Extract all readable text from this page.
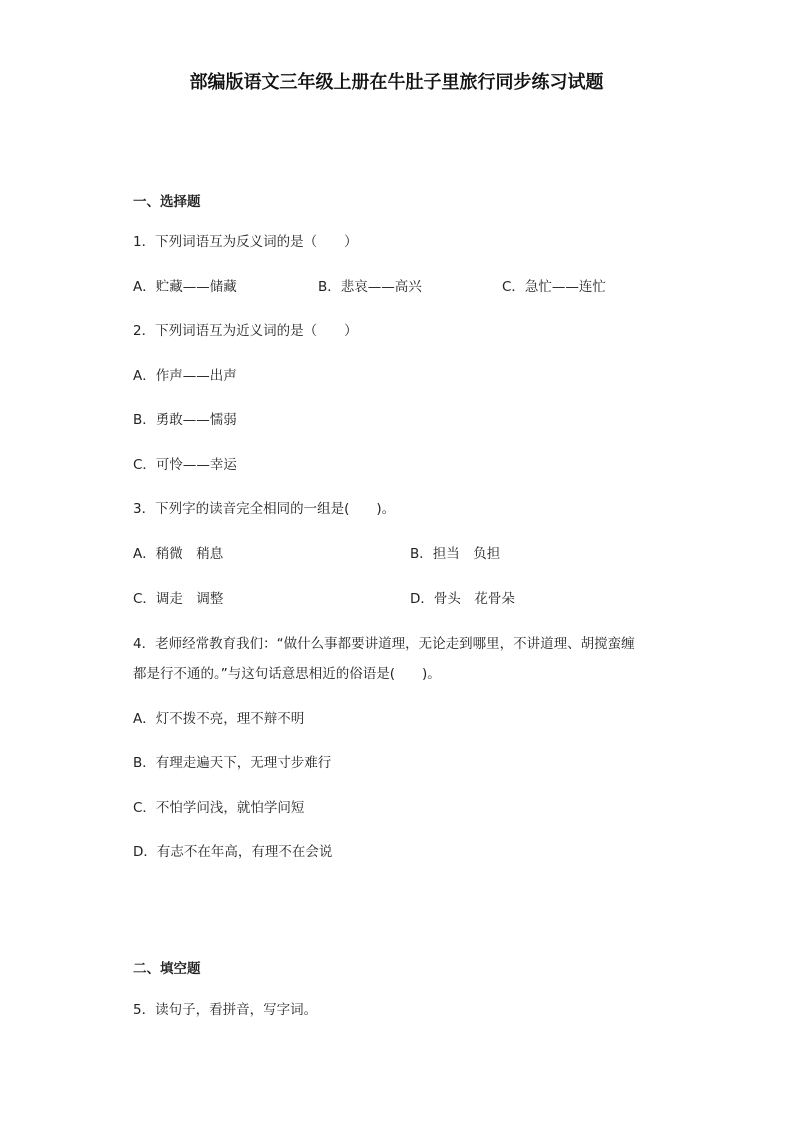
部编版语文三年级上册在牛肚子里旅行同步练习试题
一、选择题
1．下列词语互为反义词的是（　　）
A．贮藏——储藏	B．悲哀——高兴	C．急忙——连忙
2．下列词语互为近义词的是（　　）
A．作声——出声
B．勇敢——懦弱
C．可怜——幸运
3．下列字的读音完全相同的一组是(　　)。
A．稍微　稍息	B．担当　负担
C．调走　调整	D．骨头　花骨朵
4．老师经常教育我们：“做什么事都要讲道理，无论走到哪里，不讲道理、胡搅蛮缠
都是行不通的。”与这句话意思相近的俗语是(　　)。
A．灯不拨不亮，理不辩不明
B．有理走遍天下，无理寸步难行
C．不怕学问浅，就怕学问短
D．有志不在年高，有理不在会说
二、填空题
5．读句子，看拼音，写字词。
